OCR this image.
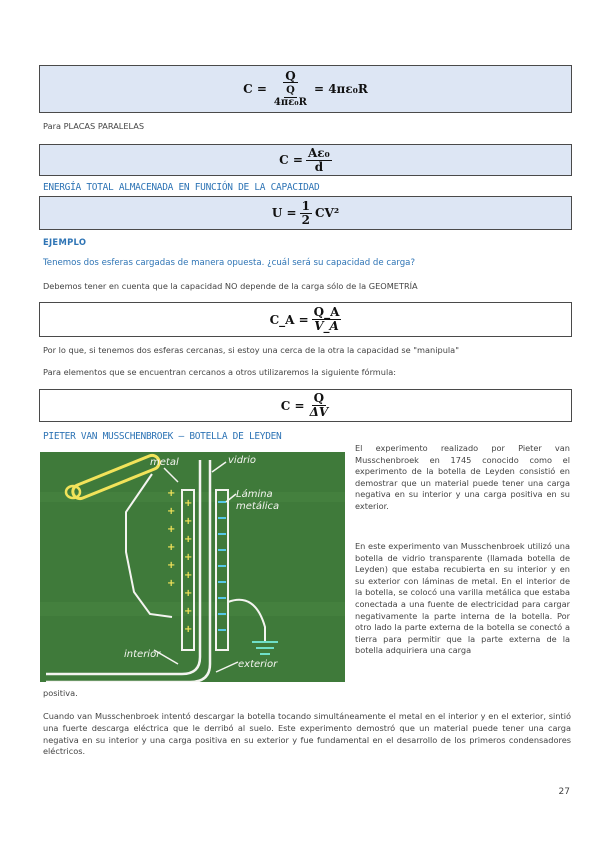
$C = \frac{Q}{\frac{Q}{\text{4πε₀R}}} = 4\pi\varepsilon_0R$
Para PLACAS PARALELAS
$C = \frac{\text{Aε₀}}{d}$
ENERGÍA TOTAL ALMACENADA EN FUNCIÓN DE LA CAPACIDAD
$U = \frac{1}{2} CV^2$
EJEMPLO
Tenemos dos esferas cargadas de manera opuesta. ¿cuál será su capacidad de carga?
Debemos tener en cuenta que la capacidad NO depende de la carga sólo de la GEOMETRÍA
C_A = $\frac{Q\_A}{V\_A}$
Por lo que, si tenemos dos esferas cercanas, si estoy una cerca de la otra la capacidad se "manipula"
Para elementos que se encuentran cercanos a otros utilizaremos la siguiente fórmula:
$C = \frac{Q}{\Delta V}$
PIETER VAN MUSSCHENBROEK – BOTELLA DE LEYDEN
+
+
+
+
+
+
+
+
+
+
+
+
+
+
metal	vidrio
Lámina
metálica
interior
exterior
El experimento realizado por Pieter van Musschenbroek en 1745 conocido como el experimento de la botella de Leyden consistió en demostrar que un material puede tener una carga negativa en su interior y una carga positiva en su exterior.
En este experimento van Musschenbroek utilizó una botella de vidrio transparente (llamada botella de Leyden) que estaba recubierta en su interior y en su exterior con láminas de metal. En el interior de la botella, se colocó una varilla metálica que estaba conectada a una fuente de electricidad para cargar negativamente la parte interna de la botella. Por otro lado la parte externa de la botella se conectó a tierra para permitir que la parte externa de la botella adquiriera una carga
positiva.
Cuando van Musschenbroek intentó descargar la botella tocando simultáneamente el metal en el interior y en el exterior, sintió una fuerte descarga eléctrica que le derribó al suelo. Este experimento demostró que un material puede tener una carga negativa en su interior y una carga positiva en su exterior y fue fundamental en el desarrollo de los primeros condensadores eléctricos.
27
